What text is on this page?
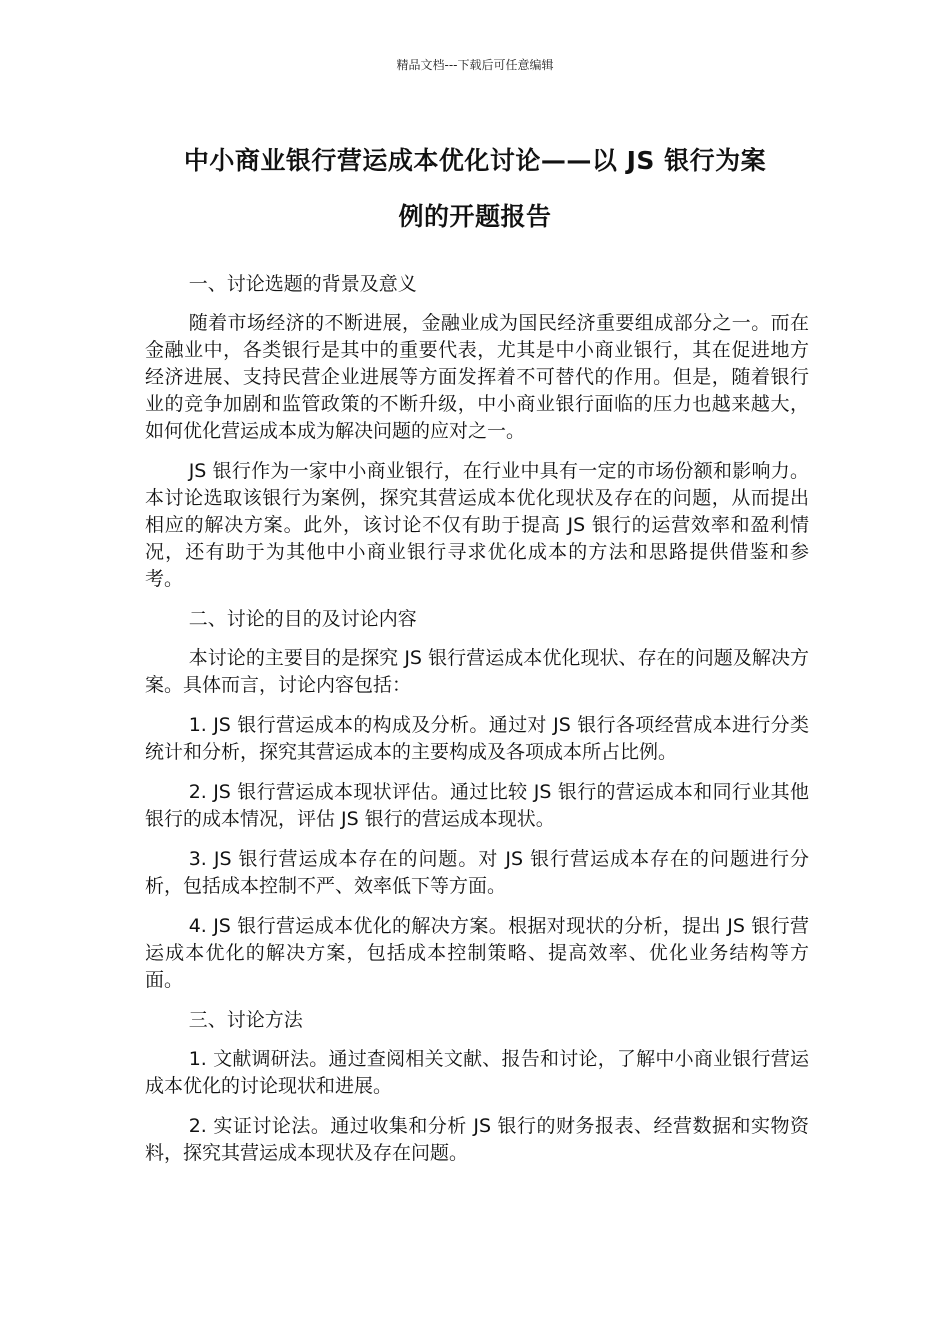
精品文档---下载后可任意编辑
中小商业银行营运成本优化讨论——以 JS 银行为案
例的开题报告
一、讨论选题的背景及意义

随着市场经济的不断进展，金融业成为国民经济重要组成部分之一。而在金融业中，各类银行是其中的重要代表，尤其是中小商业银行，其在促进地方经济进展、支持民营企业进展等方面发挥着不可替代的作用。但是，随着银行业的竞争加剧和监管政策的不断升级，中小商业银行面临的压力也越来越大，如何优化营运成本成为解决问题的应对之一。

JS 银行作为一家中小商业银行，在行业中具有一定的市场份额和影响力。本讨论选取该银行为案例，探究其营运成本优化现状及存在的问题，从而提出相应的解决方案。此外，该讨论不仅有助于提高 JS 银行的运营效率和盈利情况，还有助于为其他中小商业银行寻求优化成本的方法和思路提供借鉴和参考。

二、讨论的目的及讨论内容

本讨论的主要目的是探究 JS 银行营运成本优化现状、存在的问题及解决方案。具体而言，讨论内容包括：

1. JS 银行营运成本的构成及分析。通过对 JS 银行各项经营成本进行分类统计和分析，探究其营运成本的主要构成及各项成本所占比例。

2. JS 银行营运成本现状评估。通过比较 JS 银行的营运成本和同行业其他银行的成本情况，评估 JS 银行的营运成本现状。

3. JS 银行营运成本存在的问题。对 JS 银行营运成本存在的问题进行分析，包括成本控制不严、效率低下等方面。

4. JS 银行营运成本优化的解决方案。根据对现状的分析，提出 JS 银行营运成本优化的解决方案，包括成本控制策略、提高效率、优化业务结构等方面。

三、讨论方法

1. 文献调研法。通过查阅相关文献、报告和讨论，了解中小商业银行营运成本优化的讨论现状和进展。

2. 实证讨论法。通过收集和分析 JS 银行的财务报表、经营数据和实物资料，探究其营运成本现状及存在问题。
